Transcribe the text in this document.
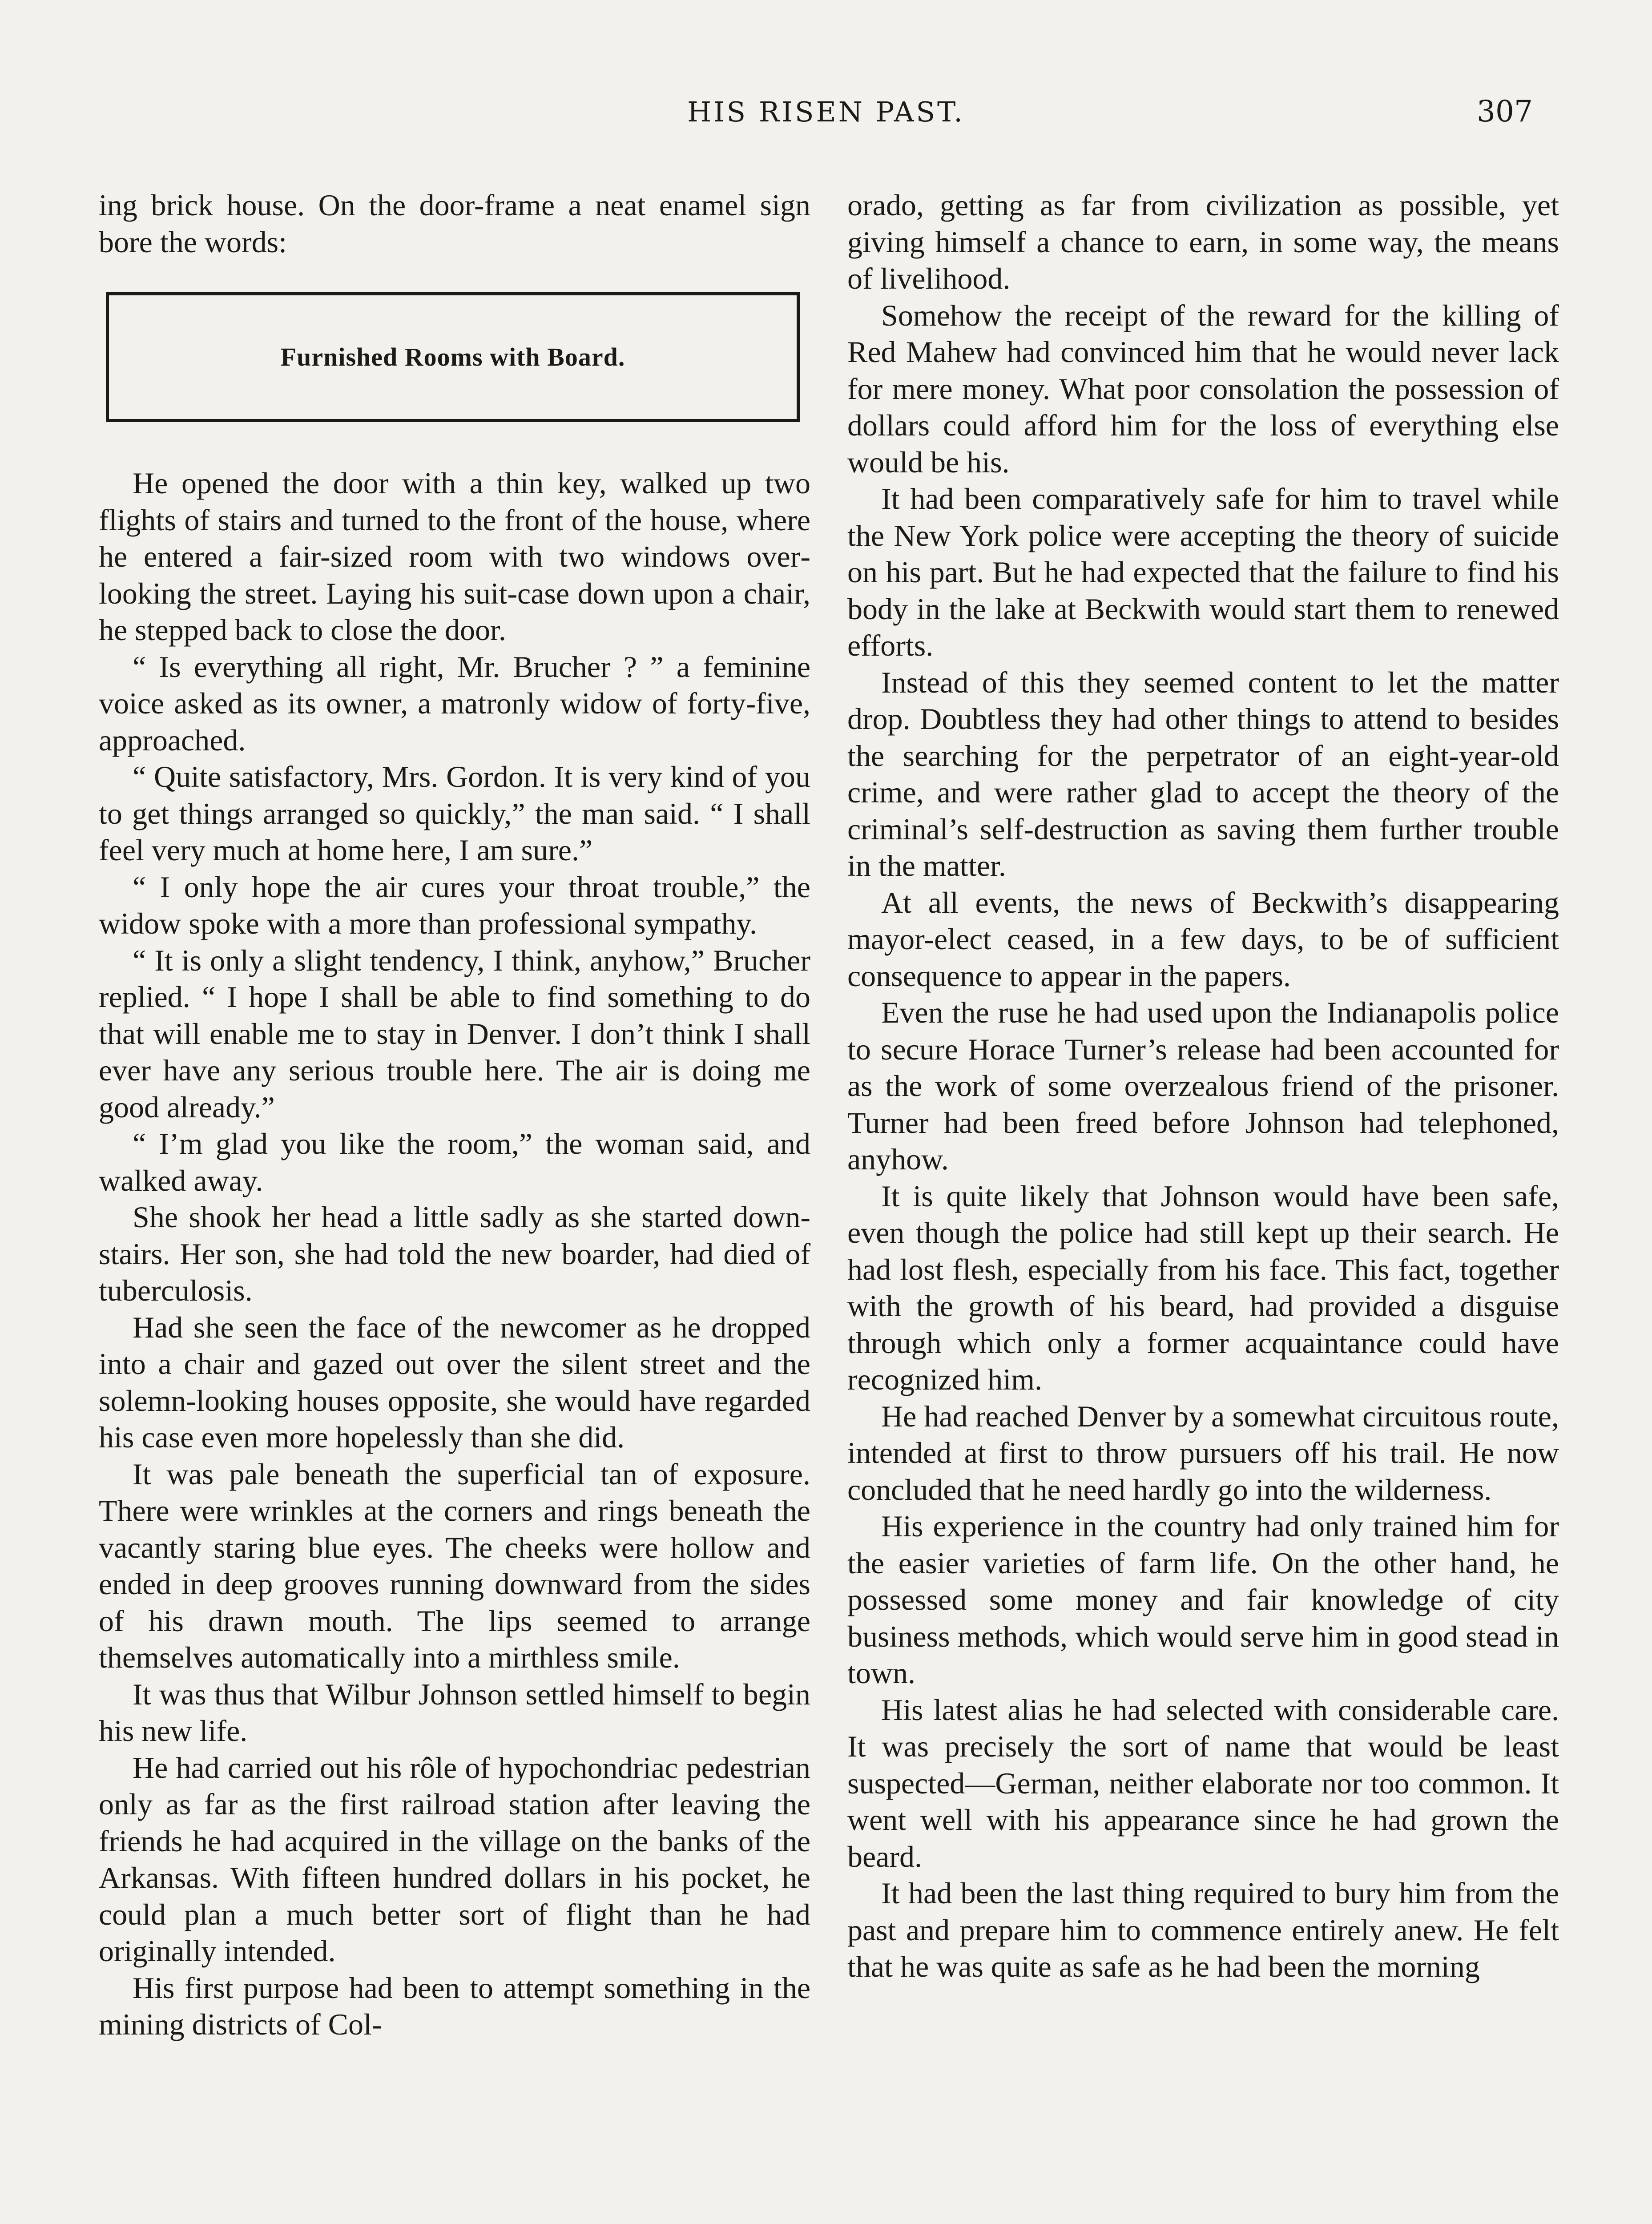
HIS RISEN PAST.	307

ing brick house. On the door-frame a neat enamel sign bore the words:

Furnished Rooms with Board.

He opened the door with a thin key, walked up two flights of stairs and turned to the front of the house, where he entered a fair-sized room with two windows overlooking the street. Laying his suit-case down upon a chair, he stepped back to close the door.

“ Is everything all right, Mr. Brucher ? ” a feminine voice asked as its owner, a matronly widow of forty-five, approached.

“ Quite satisfactory, Mrs. Gordon. It is very kind of you to get things arranged so quickly,” the man said. “ I shall feel very much at home here, I am sure.”

“ I only hope the air cures your throat trouble,” the widow spoke with a more than professional sympathy.

“ It is only a slight tendency, I think, anyhow,” Brucher replied. “ I hope I shall be able to find something to do that will enable me to stay in Denver. I don’t think I shall ever have any serious trouble here. The air is doing me good already.”

“ I’m glad you like the room,” the woman said, and walked away.

She shook her head a little sadly as she started down-stairs. Her son, she had told the new boarder, had died of tuberculosis.

Had she seen the face of the newcomer as he dropped into a chair and gazed out over the silent street and the solemn-looking houses opposite, she would have regarded his case even more hopelessly than she did.

It was pale beneath the superficial tan of exposure. There were wrinkles at the corners and rings beneath the vacantly staring blue eyes. The cheeks were hollow and ended in deep grooves running downward from the sides of his drawn mouth. The lips seemed to arrange themselves automatically into a mirthless smile.

It was thus that Wilbur Johnson settled himself to begin his new life.

He had carried out his rôle of hypochondriac pedestrian only as far as the first railroad station after leaving the friends he had acquired in the village on the banks of the Arkansas. With fifteen hundred dollars in his pocket, he could plan a much better sort of flight than he had originally intended.

His first purpose had been to attempt something in the mining districts of Col-

orado, getting as far from civilization as possible, yet giving himself a chance to earn, in some way, the means of livelihood.

Somehow the receipt of the reward for the killing of Red Mahew had convinced him that he would never lack for mere money. What poor consolation the possession of dollars could afford him for the loss of everything else would be his.

It had been comparatively safe for him to travel while the New York police were accepting the theory of suicide on his part. But he had expected that the failure to find his body in the lake at Beckwith would start them to renewed efforts.

Instead of this they seemed content to let the matter drop. Doubtless they had other things to attend to besides the searching for the perpetrator of an eight-year-old crime, and were rather glad to accept the theory of the criminal’s self-destruction as saving them further trouble in the matter.

At all events, the news of Beckwith’s disappearing mayor-elect ceased, in a few days, to be of sufficient consequence to appear in the papers.

Even the ruse he had used upon the Indianapolis police to secure Horace Turner’s release had been accounted for as the work of some overzealous friend of the prisoner. Turner had been freed before Johnson had telephoned, anyhow.

It is quite likely that Johnson would have been safe, even though the police had still kept up their search. He had lost flesh, especially from his face. This fact, together with the growth of his beard, had provided a disguise through which only a former acquaintance could have recognized him.

He had reached Denver by a somewhat circuitous route, intended at first to throw pursuers off his trail. He now concluded that he need hardly go into the wilderness.

His experience in the country had only trained him for the easier varieties of farm life. On the other hand, he possessed some money and fair knowledge of city business methods, which would serve him in good stead in town.

His latest alias he had selected with considerable care. It was precisely the sort of name that would be least suspected—German, neither elaborate nor too common. It went well with his appearance since he had grown the beard.

It had been the last thing required to bury him from the past and prepare him to commence entirely anew. He felt that he was quite as safe as he had been the morning
